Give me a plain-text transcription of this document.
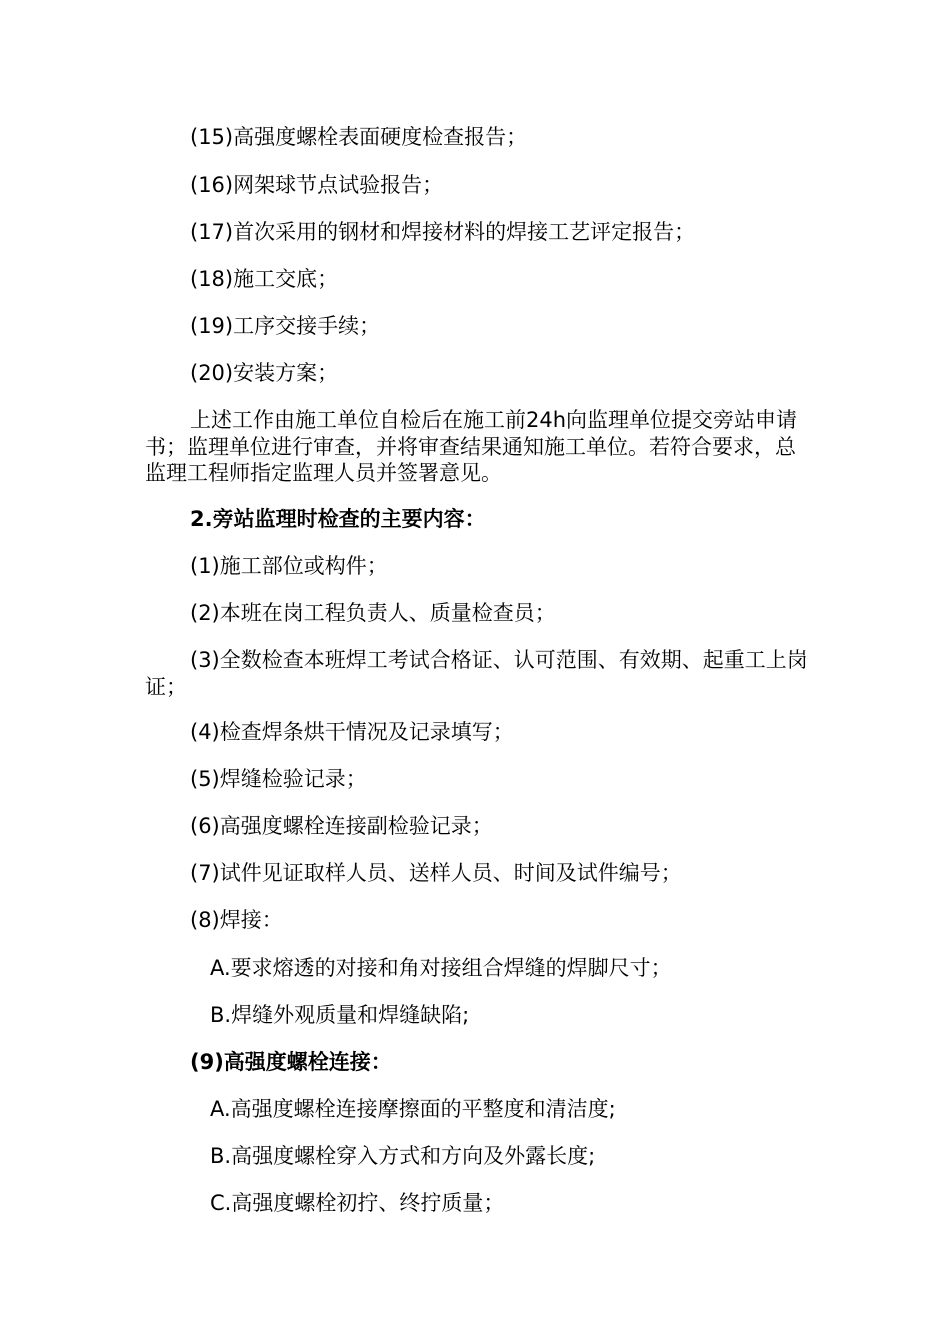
(15)高强度螺栓表面硬度检查报告；
(16)网架球节点试验报告；
(17)首次采用的钢材和焊接材料的焊接工艺评定报告；
(18)施工交底；
(19)工序交接手续；
(20)安装方案；
上述工作由施工单位自检后在施工前24h向监理单位提交旁站申请书；监理单位进行审查，并将审查结果通知施工单位。若符合要求，总监理工程师指定监理人员并签署意见。
2.旁站监理时检查的主要内容：
(1)施工部位或构件；
(2)本班在岗工程负责人、质量检查员；
(3)全数检查本班焊工考试合格证、认可范围、有效期、起重工上岗证；
(4)检查焊条烘干情况及记录填写；
(5)焊缝检验记录；
(6)高强度螺栓连接副检验记录；
(7)试件见证取样人员、送样人员、时间及试件编号；
(8)焊接：
A.要求熔透的对接和角对接组合焊缝的焊脚尺寸；
B.焊缝外观质量和焊缝缺陷;
(9)高强度螺栓连接：
A.高强度螺栓连接摩擦面的平整度和清洁度;
B.高强度螺栓穿入方式和方向及外露长度;
C.高强度螺栓初拧、终拧质量；
